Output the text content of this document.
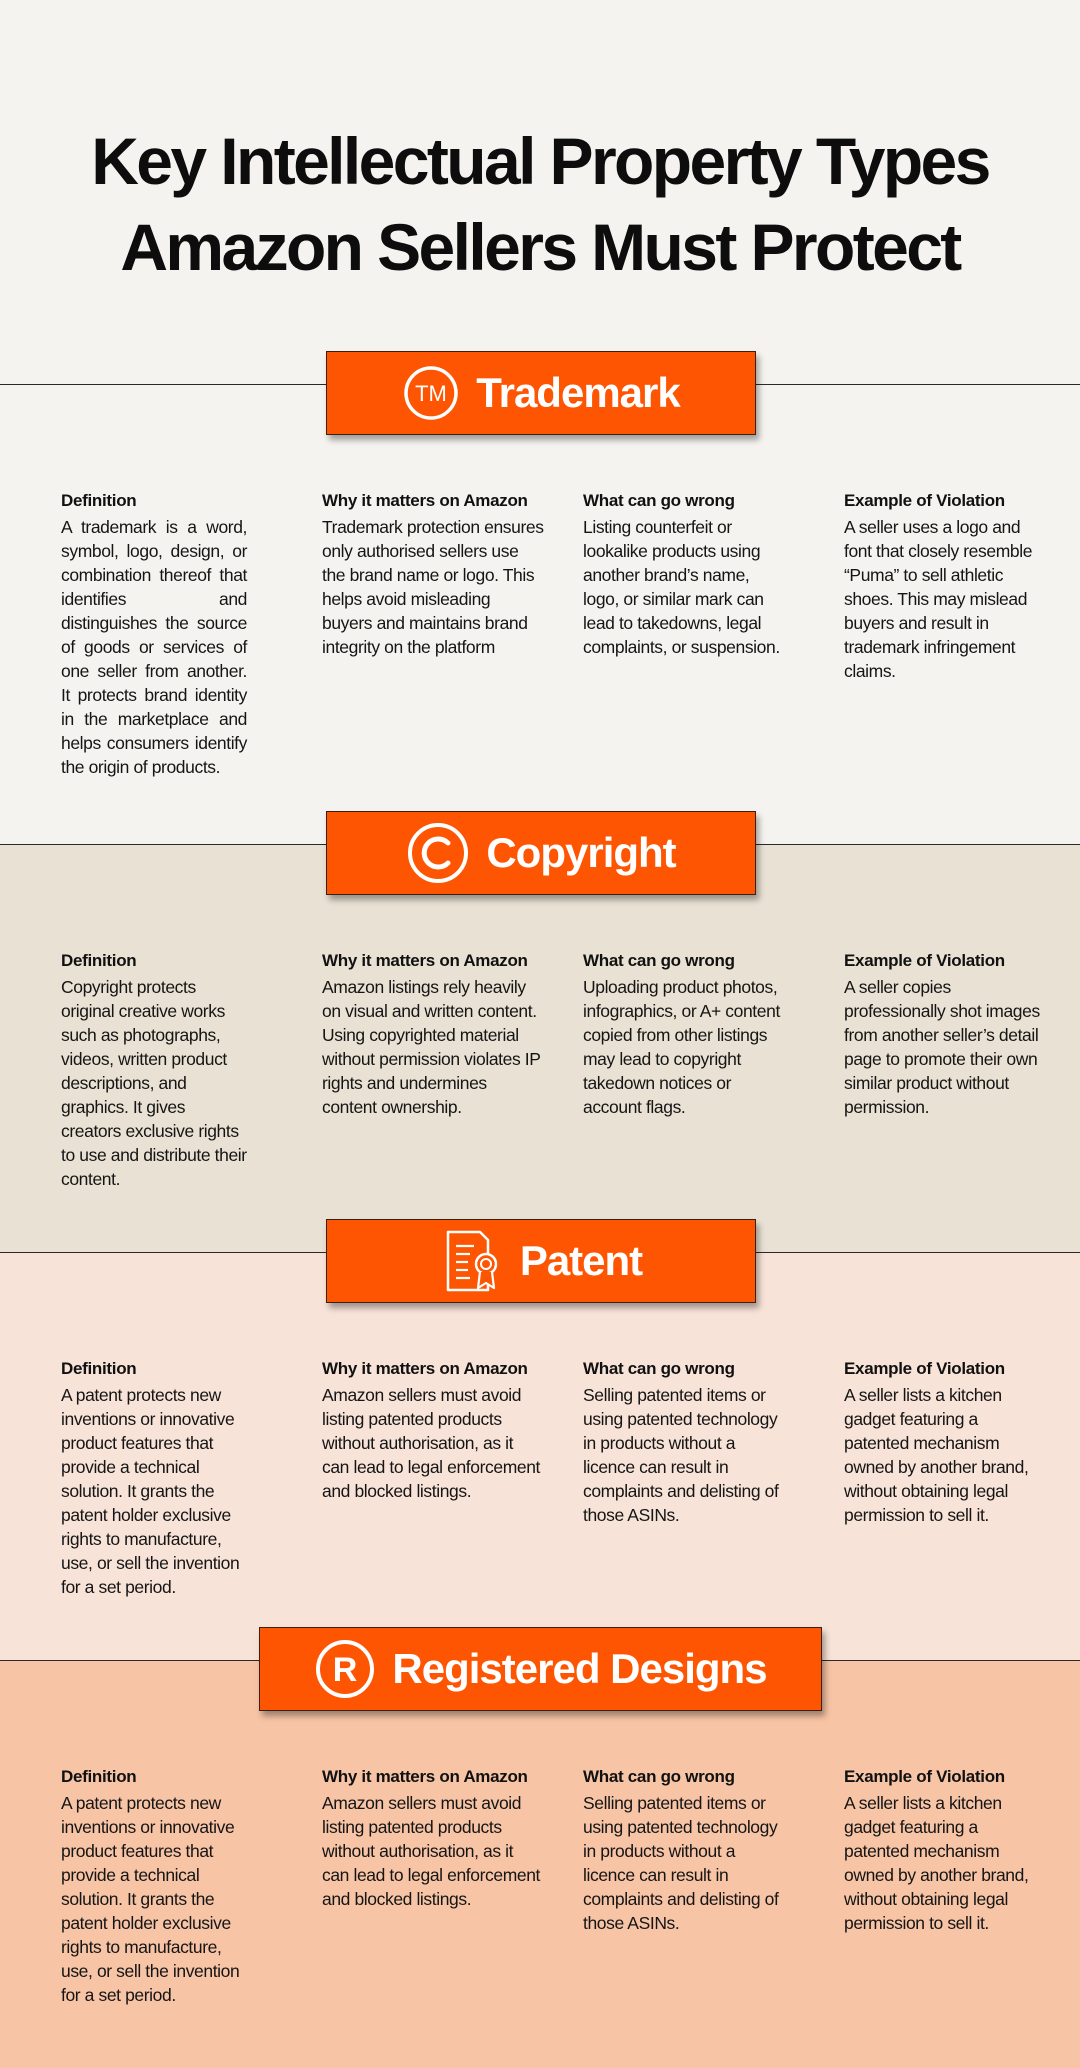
Key Intellectual Property Types
Amazon Sellers Must Protect
TM Trademark
Definition
A trademark is a word, symbol, logo, design, or combination thereof that identifies and distinguishes the source of goods or services of one seller from another. It protects brand identity in the marketplace and helps consumers identify the origin of products.
Why it matters on Amazon
Trademark protection ensures only authorised sellers use the brand name or logo. This helps avoid misleading buyers and maintains brand integrity on the platform
What can go wrong
Listing counterfeit or lookalike products using another brand’s name, logo, or similar mark can lead to takedowns, legal complaints, or suspension.
Example of Violation
A seller uses a logo and font that closely resemble “Puma” to sell athletic shoes. This may mislead buyers and result in trademark infringement claims.
Copyright
Definition
Copyright protects original creative works such as photographs, videos, written product descriptions, and graphics. It gives creators exclusive rights to use and distribute their content.
Why it matters on Amazon
Amazon listings rely heavily on visual and written content. Using copyrighted material without permission violates IP rights and undermines content ownership.
What can go wrong
Uploading product photos, infographics, or A+ content copied from other listings may lead to copyright takedown notices or account flags.
Example of Violation
A seller copies professionally shot images from another seller’s detail page to promote their own similar product without permission.
Patent
Definition
A patent protects new inventions or innovative product features that provide a technical solution. It grants the patent holder exclusive rights to manufacture, use, or sell the invention for a set period.
Why it matters on Amazon
Amazon sellers must avoid listing patented products without authorisation, as it can lead to legal enforcement and blocked listings.
What can go wrong
Selling patented items or using patented technology in products without a licence can result in complaints and delisting of those ASINs.
Example of Violation
A seller lists a kitchen gadget featuring a patented mechanism owned by another brand, without obtaining legal permission to sell it.
R Registered Designs
Definition
A patent protects new inventions or innovative product features that provide a technical solution. It grants the patent holder exclusive rights to manufacture, use, or sell the invention for a set period.
Why it matters on Amazon
Amazon sellers must avoid listing patented products without authorisation, as it can lead to legal enforcement and blocked listings.
What can go wrong
Selling patented items or using patented technology in products without a licence can result in complaints and delisting of those ASINs.
Example of Violation
A seller lists a kitchen gadget featuring a patented mechanism owned by another brand, without obtaining legal permission to sell it.
